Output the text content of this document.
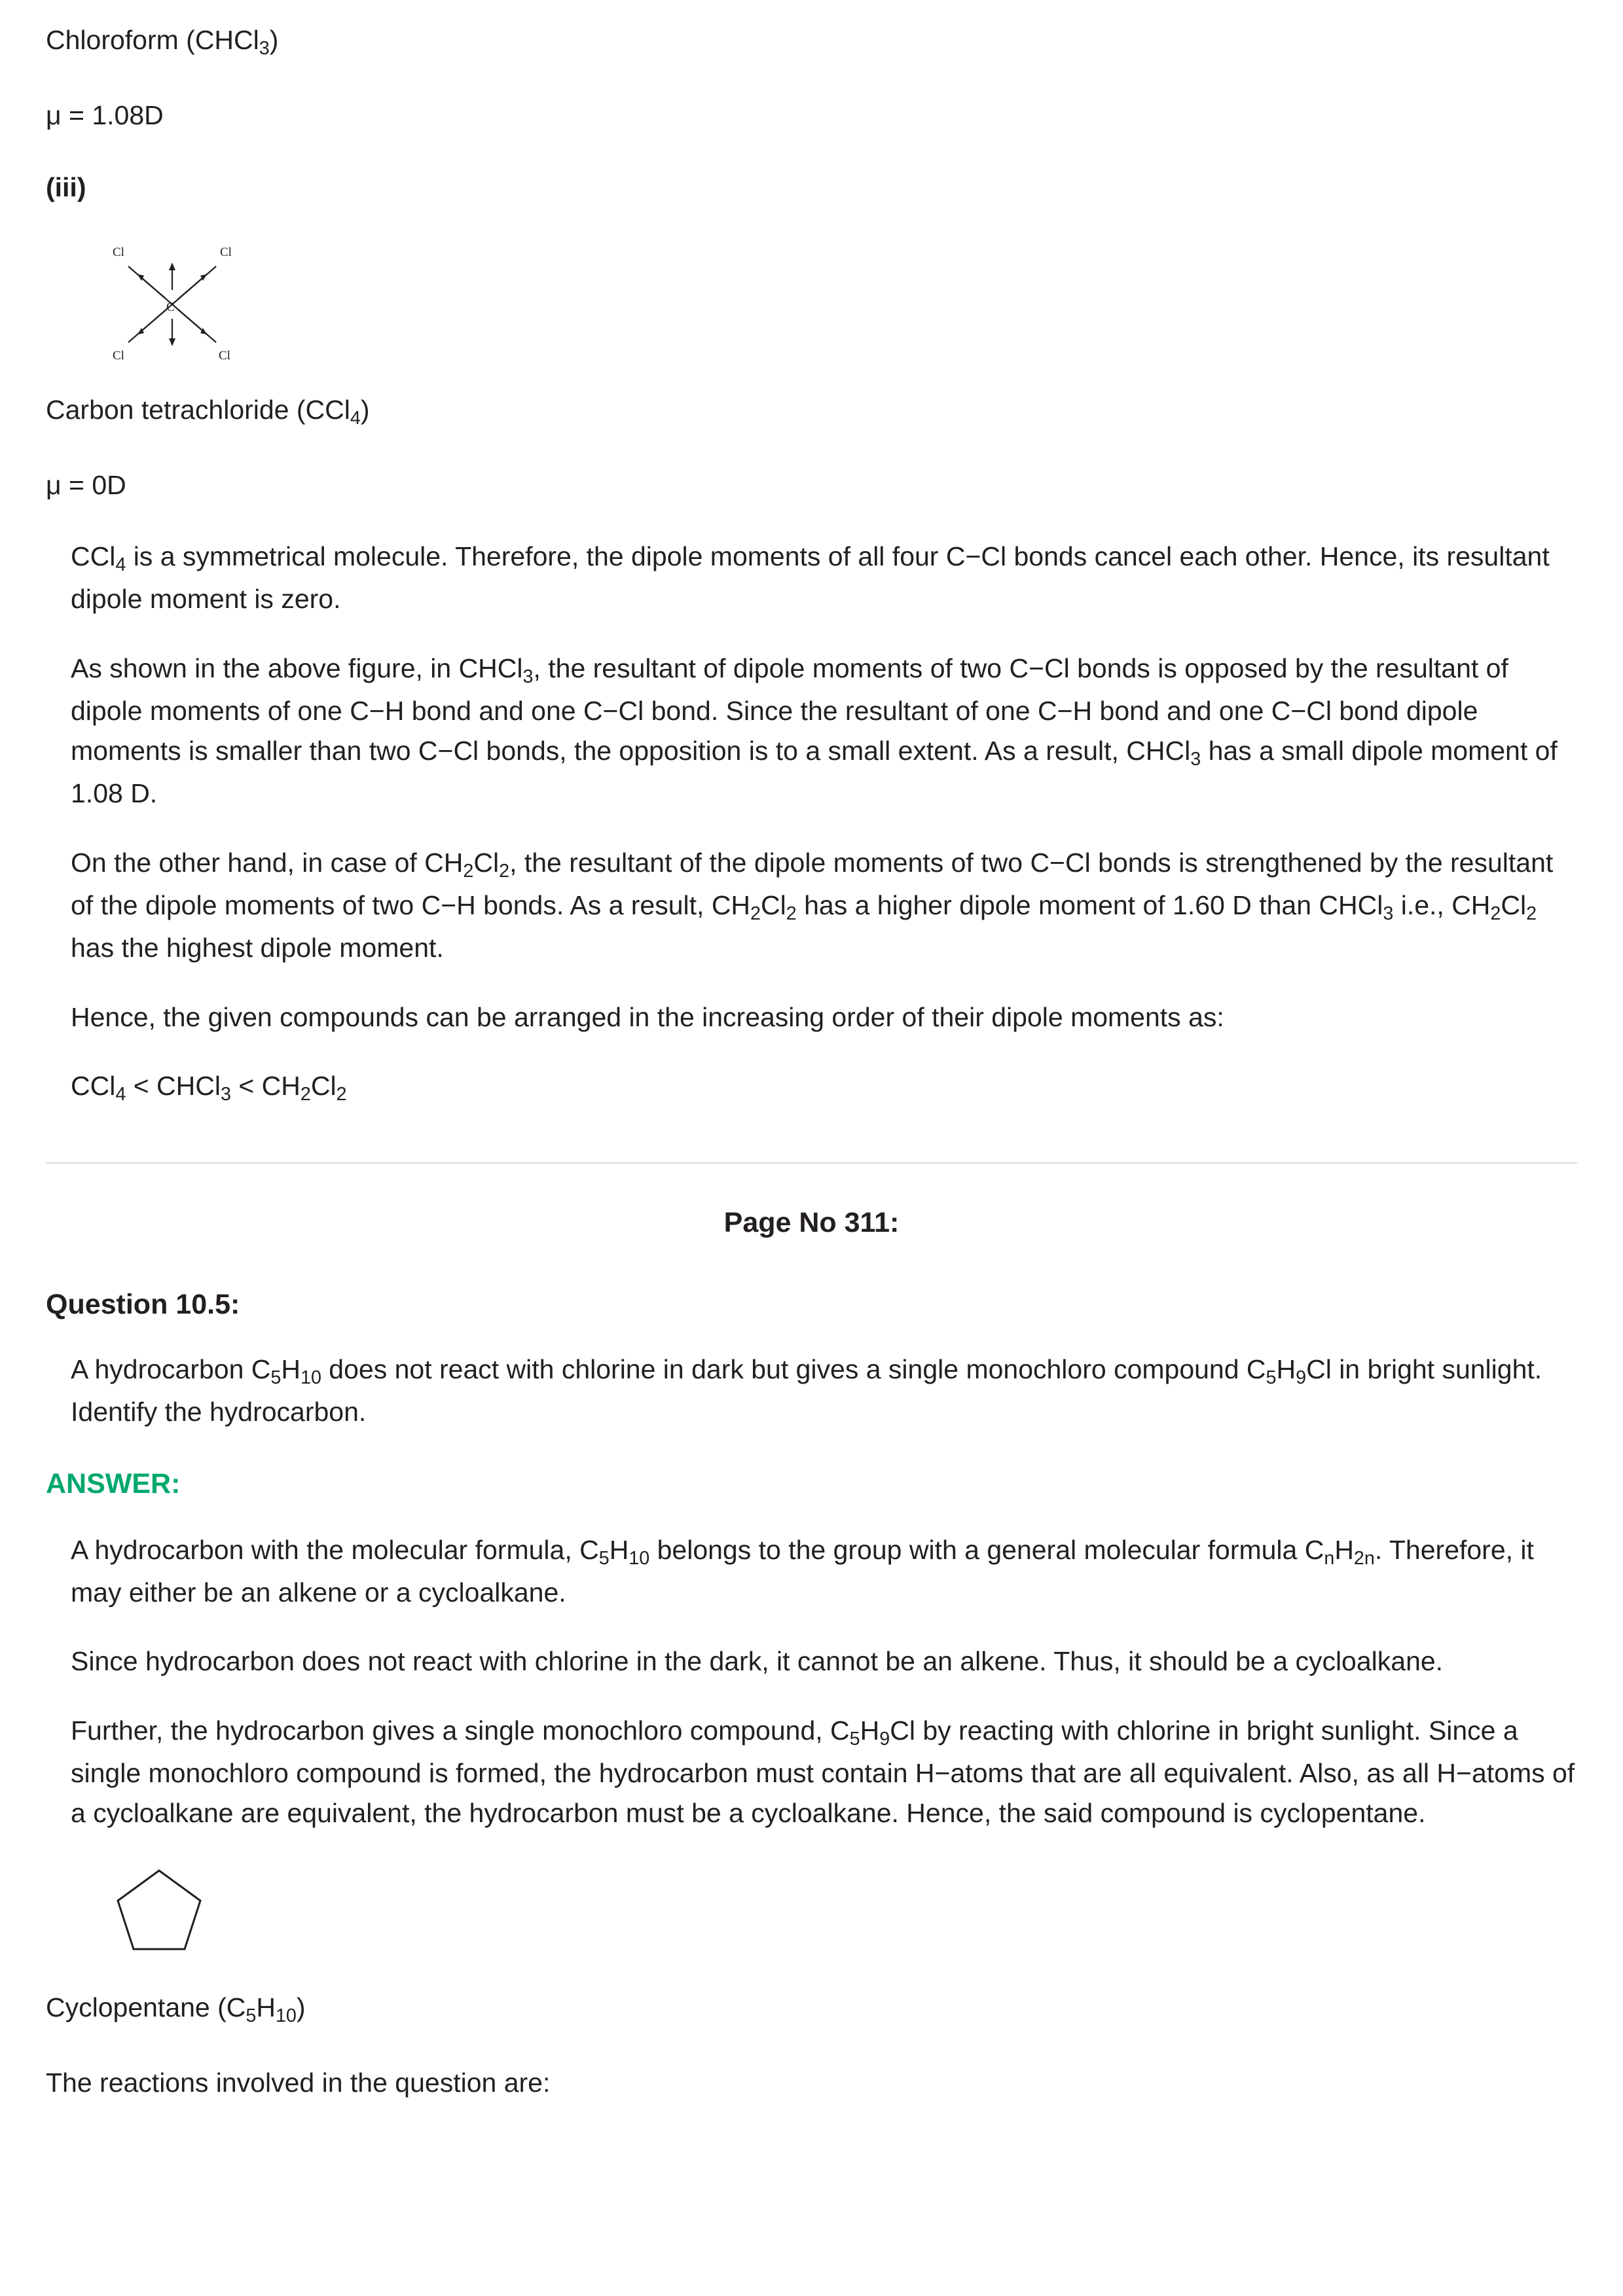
Chloroform (CHCl$_3$)
μ = 1.08D
(iii)
Cl	Cl
C
Cl	Cl
Carbon tetrachloride (CCl$_4$)
μ = 0D
CCl$_4$ is a symmetrical molecule. Therefore, the dipole moments of all four C−Cl bonds cancel each other. Hence, its resultant dipole moment is zero.
As shown in the above figure, in CHCl$_3$, the resultant of dipole moments of two C−Cl bonds is opposed by the resultant of dipole moments of one C−H bond and one C−Cl bond. Since the resultant of one C−H bond and one C−Cl bond dipole moments is smaller than two C−Cl bonds, the opposition is to a small extent. As a result, CHCl$_3$ has a small dipole moment of 1.08 D.
On the other hand, in case of $CH_2Cl_2$, the resultant of the dipole moments of two C−Cl bonds is strengthened by the resultant of the dipole moments of two C−H bonds. As a result, $CH_2Cl_2$ has a higher dipole moment of 1.60 D than CHCl$_3$ i.e., $CH_2Cl_2$ has the highest dipole moment.
Hence, the given compounds can be arranged in the increasing order of their dipole moments as:
CCl$_4$ < CHCl$_3$ < $CH_2Cl_2$
Page No 311:
Question 10.5:
A hydrocarbon $C_5H_{10}$ does not react with chlorine in dark but gives a single monochloro compound $C_5H_9Cl$ in bright sunlight. Identify the hydrocarbon.
ANSWER:
A hydrocarbon with the molecular formula, $C_5H_{10}$ belongs to the group with a general molecular formula $C_nH_{2n}$. Therefore, it may either be an alkene or a cycloalkane.
Since hydrocarbon does not react with chlorine in the dark, it cannot be an alkene. Thus, it should be a cycloalkane.
Further, the hydrocarbon gives a single monochloro compound, $C_5H_9Cl$ by reacting with chlorine in bright sunlight. Since a single monochloro compound is formed, the hydrocarbon must contain H−atoms that are all equivalent. Also, as all H−atoms of a cycloalkane are equivalent, the hydrocarbon must be a cycloalkane. Hence, the said compound is cyclopentane.
Cyclopentane $(C_5H_{10})$
The reactions involved in the question are:
